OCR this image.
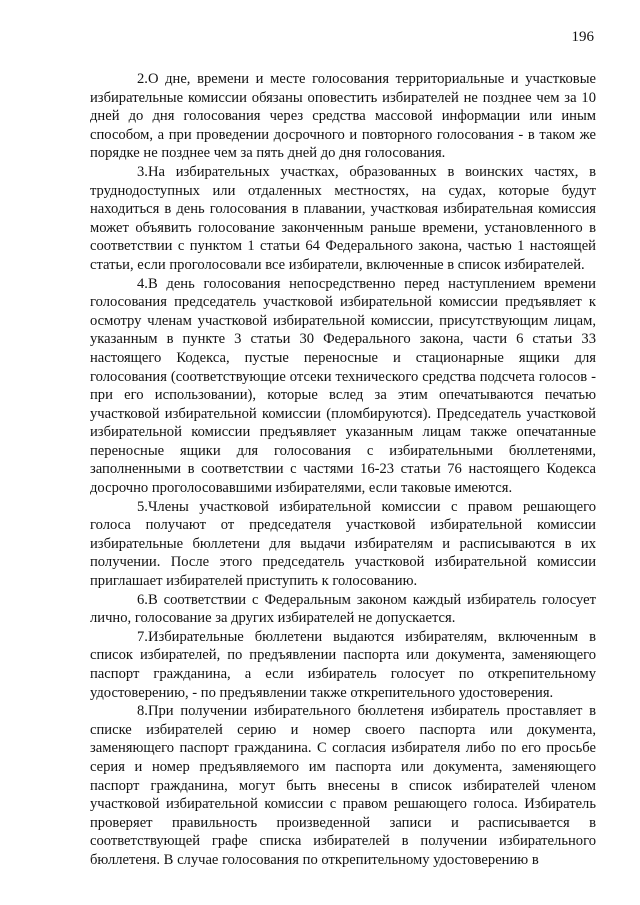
196

2.О дне, времени и месте голосования территориальные и участковые избирательные комиссии обязаны оповестить избирателей не позднее чем за 10 дней до дня голосования через средства массовой информации или иным способом, а при проведении досрочного и повторного голосования - в таком же порядке не позднее чем за пять дней до дня голосования.

3.На избирательных участках, образованных в воинских частях, в труднодоступных или отдаленных местностях, на судах, которые будут находиться в день голосования в плавании, участковая избирательная комиссия может объявить голосование законченным раньше времени, установленного в соответствии с пунктом 1 статьи 64 Федерального закона, частью 1 настоящей статьи, если проголосовали все избиратели, включенные в список избирателей.

4.В день голосования непосредственно перед наступлением времени голосования председатель участковой избирательной комиссии предъявляет к осмотру членам участковой избирательной комиссии, присутствующим лицам, указанным в пункте 3 статьи 30 Федерального закона, части 6 статьи 33 настоящего Кодекса, пустые переносные и стационарные ящики для голосования (соответствующие отсеки технического средства подсчета голосов - при его использовании), которые вслед за этим опечатываются печатью участковой избирательной комиссии (пломбируются). Председатель участковой избирательной комиссии предъявляет указанным лицам также опечатанные переносные ящики для голосования с избирательными бюллетенями, заполненными в соответствии с частями 16-23 статьи 76 настоящего Кодекса досрочно проголосовавшими избирателями, если таковые имеются.

5.Члены участковой избирательной комиссии с правом решающего голоса получают от председателя участковой избирательной комиссии избирательные бюллетени для выдачи избирателям и расписываются в их получении. После этого председатель участковой избирательной комиссии приглашает избирателей приступить к голосованию.

6.В соответствии с Федеральным законом каждый избиратель голосует лично, голосование за других избирателей не допускается.

7.Избирательные бюллетени выдаются избирателям, включенным в список избирателей, по предъявлении паспорта или документа, заменяющего паспорт гражданина, а если избиратель голосует по открепительному удостоверению, - по предъявлении также открепительного удостоверения.

8.При получении избирательного бюллетеня избиратель проставляет в списке избирателей серию и номер своего паспорта или документа, заменяющего паспорт гражданина. С согласия избирателя либо по его просьбе серия и номер предъявляемого им паспорта или документа, заменяющего паспорт гражданина, могут быть внесены в список избирателей членом участковой избирательной комиссии с правом решающего голоса. Избиратель проверяет правильность произведенной записи и расписывается в соответствующей графе списка избирателей в получении избирательного бюллетеня. В случае голосования по открепительному удостоверению в
